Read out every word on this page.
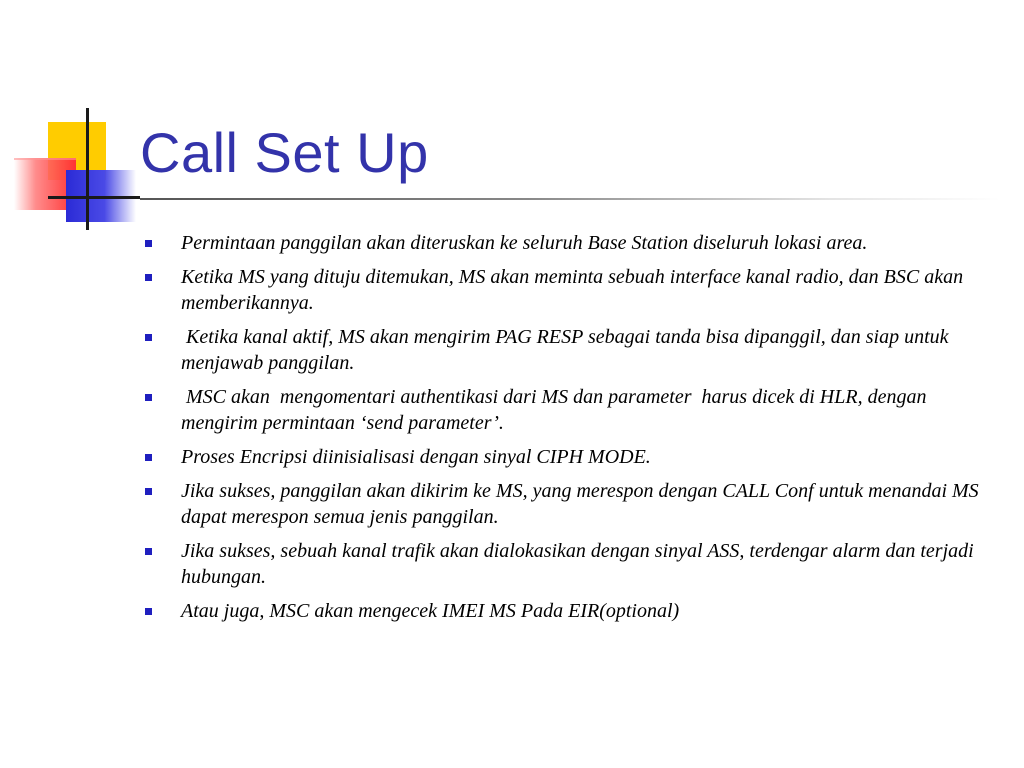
Call Set Up
Permintaan panggilan akan diteruskan ke seluruh Base Station diseluruh lokasi area.
Ketika MS yang dituju ditemukan, MS akan meminta sebuah interface kanal radio, dan BSC akan memberikannya.
Ketika kanal aktif, MS akan mengirim PAG RESP sebagai tanda bisa dipanggil, dan siap untuk menjawab panggilan.
MSC akan  mengomentari authentikasi dari MS dan parameter  harus dicek di HLR, dengan mengirim permintaan ‘send parameter’.
Proses Encripsi diinisialisasi dengan sinyal CIPH MODE.
Jika sukses, panggilan akan dikirim ke MS, yang merespon dengan CALL Conf untuk menandai MS dapat merespon semua jenis panggilan.
Jika sukses, sebuah kanal trafik akan dialokasikan dengan sinyal ASS, terdengar alarm dan terjadi hubungan.
Atau juga, MSC akan mengecek IMEI MS Pada EIR(optional)
